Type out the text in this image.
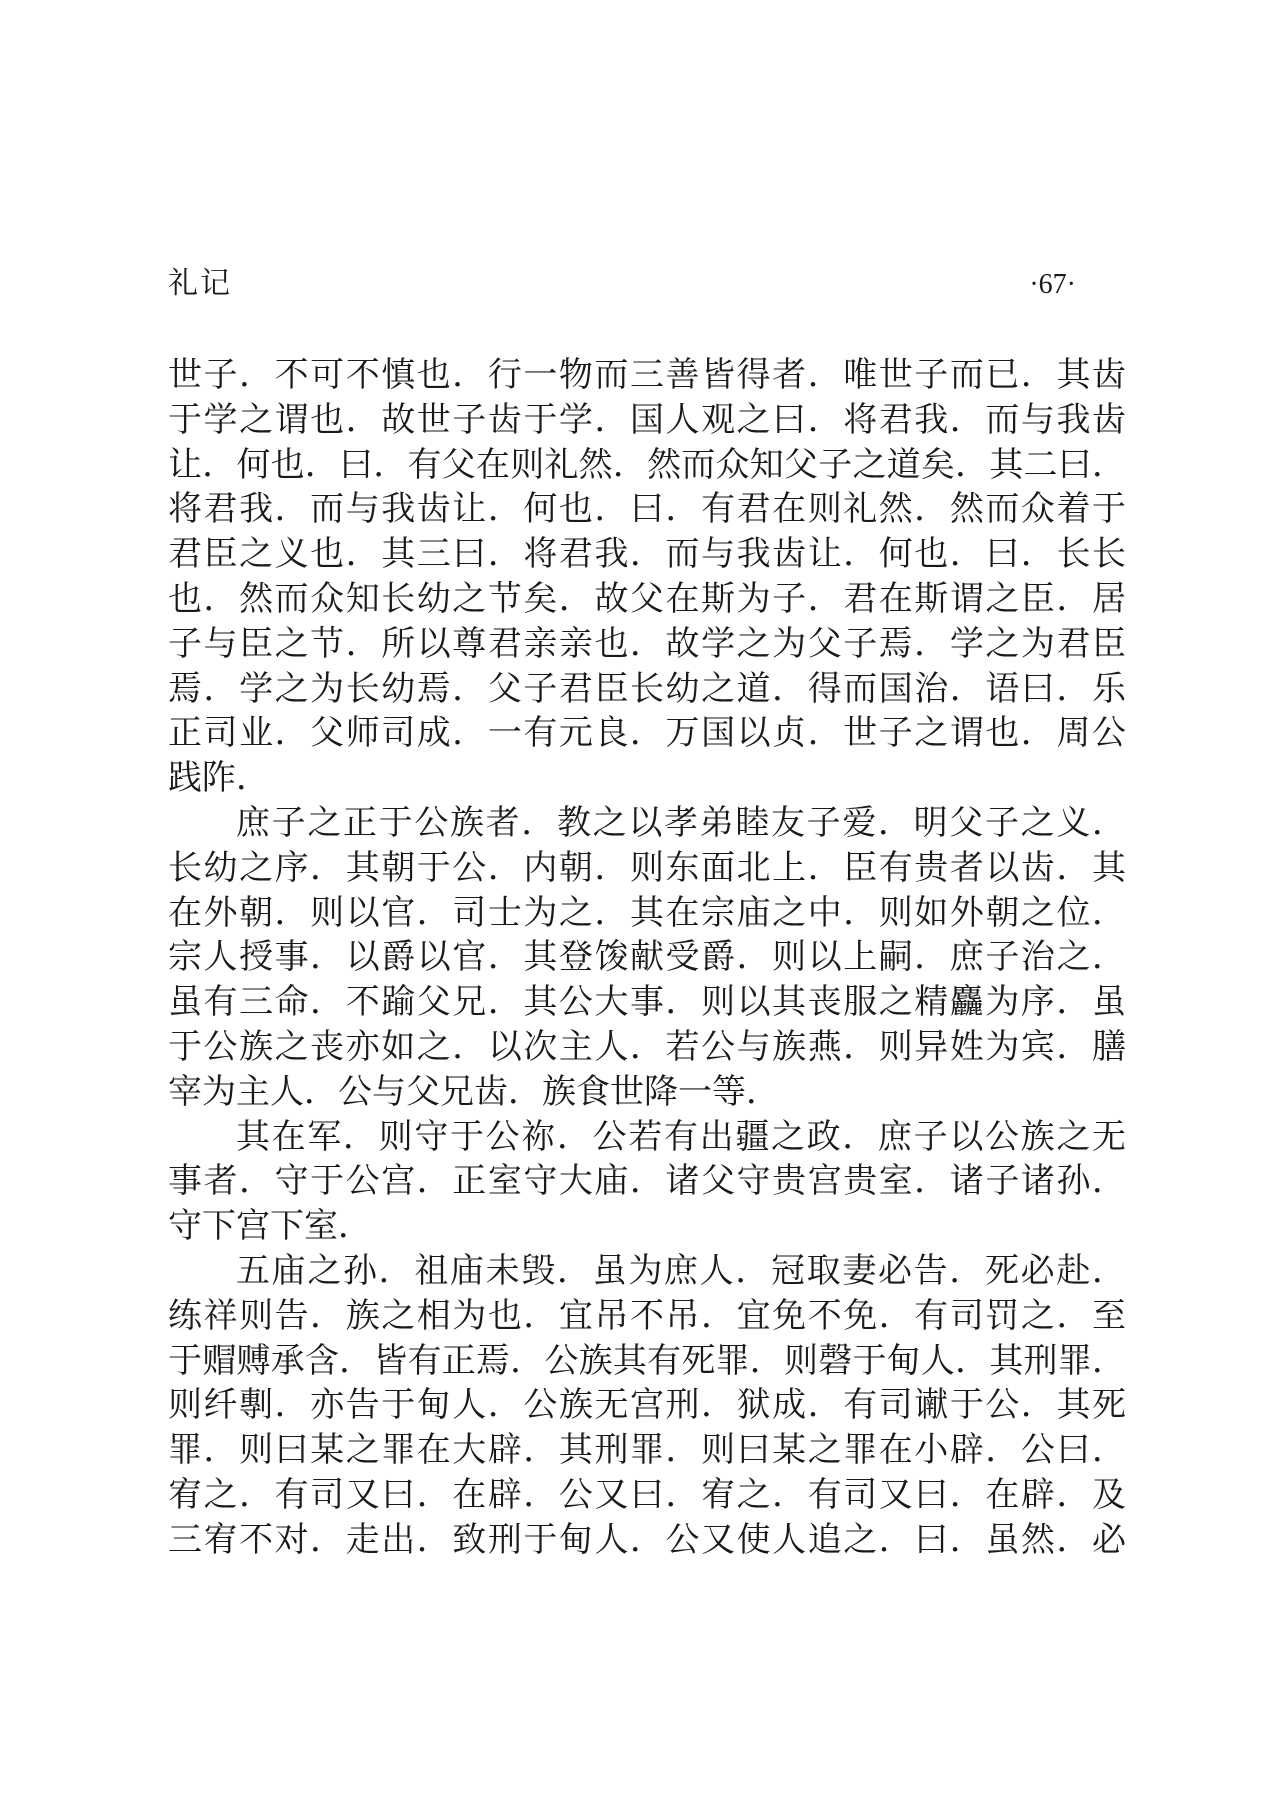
礼记	·67·
世子．不可不慎也．行一物而三善皆得者．唯世子而已．其齿
于学之谓也．故世子齿于学．国人观之曰．将君我．而与我齿
让．何也．曰．有父在则礼然．然而众知父子之道矣．其二曰．
将君我．而与我齿让．何也．曰．有君在则礼然．然而众着于
君臣之义也．其三曰．将君我．而与我齿让．何也．曰．长长
也．然而众知长幼之节矣．故父在斯为子．君在斯谓之臣．居
子与臣之节．所以尊君亲亲也．故学之为父子焉．学之为君臣
焉．学之为长幼焉．父子君臣长幼之道．得而国治．语曰．乐
正司业．父师司成．一有元良．万国以贞．世子之谓也．周公
践阼．
庶子之正于公族者．教之以孝弟睦友子爱．明父子之义．
长幼之序．其朝于公．内朝．则东面北上．臣有贵者以齿．其
在外朝．则以官．司士为之．其在宗庙之中．则如外朝之位．
宗人授事．以爵以官．其登馂献受爵．则以上嗣．庶子治之．
虽有三命．不踰父兄．其公大事．则以其丧服之精麤为序．虽
于公族之丧亦如之．以次主人．若公与族燕．则异姓为宾．膳
宰为主人．公与父兄齿．族食世降一等．
其在军．则守于公祢．公若有出疆之政．庶子以公族之无
事者．守于公宫．正室守大庙．诸父守贵宫贵室．诸子诸孙．
守下宫下室．
五庙之孙．祖庙未毁．虽为庶人．冠取妻必告．死必赴．
练祥则告．族之相为也．宜吊不吊．宜免不免．有司罚之．至
于赗赙承含．皆有正焉．公族其有死罪．则磬于甸人．其刑罪．
则纤剸．亦告于甸人．公族无宫刑．狱成．有司谳于公．其死
罪．则曰某之罪在大辟．其刑罪．则曰某之罪在小辟．公曰．
宥之．有司又曰．在辟．公又曰．宥之．有司又曰．在辟．及
三宥不对．走出．致刑于甸人．公又使人追之．曰．虽然．必
